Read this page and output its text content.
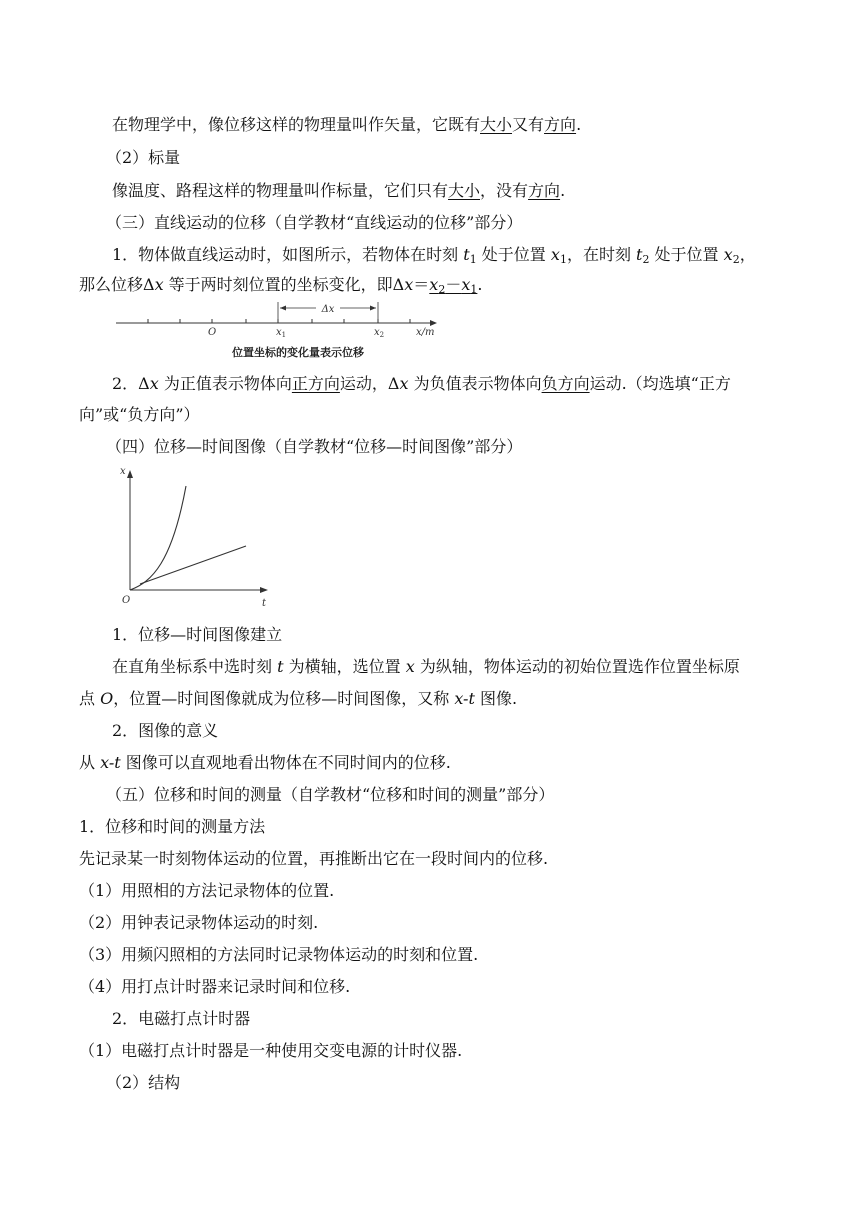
在物理学中，像位移这样的物理量叫作矢量，它既有大小又有方向.
（2）标量
像温度、路程这样的物理量叫作标量，它们只有大小，没有方向.
（三）直线运动的位移（自学教材“直线运动的位移”部分）
1．物体做直线运动时，如图所示，若物体在时刻 $t_1$ 处于位置 $x_1$，在时刻 $t_2$ 处于位置 $x_2$，
那么位移Δx 等于两时刻位置的坐标变化，即$\Delta x=x_2-x_1$.
Δx
O	$x_1$	$x_2$	x/m
位置坐标的变化量表示位移
2．Δx 为正值表示物体向正方向运动，Δx 为负值表示物体向负方向运动.（均选填“正方
向”或“负方向”）
（四）位移—时间图像（自学教材“位移—时间图像”部分）
x
t
O
1．位移—时间图像建立
在直角坐标系中选时刻 t 为横轴，选位置 x 为纵轴，物体运动的初始位置选作位置坐标原
点 O，位置—时间图像就成为位移—时间图像，又称 x-t 图像.
2．图像的意义
从 x-t 图像可以直观地看出物体在不同时间内的位移.
（五）位移和时间的测量（自学教材“位移和时间的测量”部分）
1．位移和时间的测量方法
先记录某一时刻物体运动的位置，再推断出它在一段时间内的位移.
（1）用照相的方法记录物体的位置.
（2）用钟表记录物体运动的时刻.
（3）用频闪照相的方法同时记录物体运动的时刻和位置.
（4）用打点计时器来记录时间和位移.
2．电磁打点计时器
（1）电磁打点计时器是一种使用交变电源的计时仪器.
（2）结构
